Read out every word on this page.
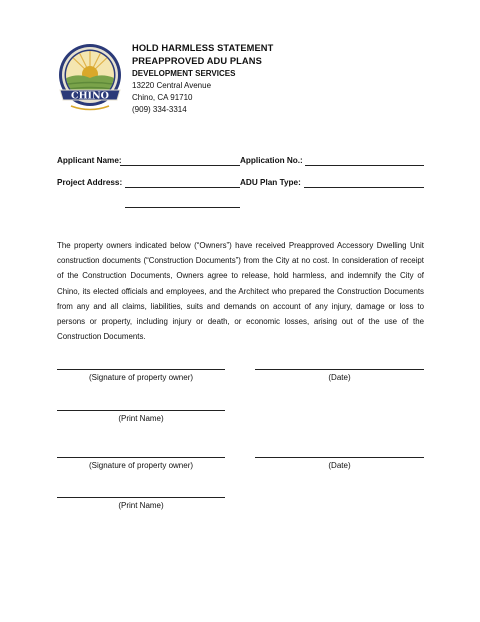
CHINO
HOLD HARMLESS STATEMENT
PREAPPROVED ADU PLANS
DEVELOPMENT SERVICES
13220 Central Avenue
Chino, CA 91710
(909) 334-3314
Applicant Name:	Application No.:
Project Address:	ADU Plan Type:
The property owners indicated below (“Owners”) have received Preapproved Accessory Dwelling Unit construction documents (“Construction Documents”) from the City at no cost. In consideration of receipt of the Construction Documents, Owners agree to release, hold harmless, and indemnify the City of Chino, its elected officials and employees, and the Architect who prepared the Construction Documents from any and all claims, liabilities, suits and demands on account of any injury, damage or loss to persons or property, including injury or death, or economic losses, arising out of the use of the Construction Documents.
(Signature of property owner)	(Date)
(Print Name)
(Signature of property owner)	(Date)
(Print Name)
